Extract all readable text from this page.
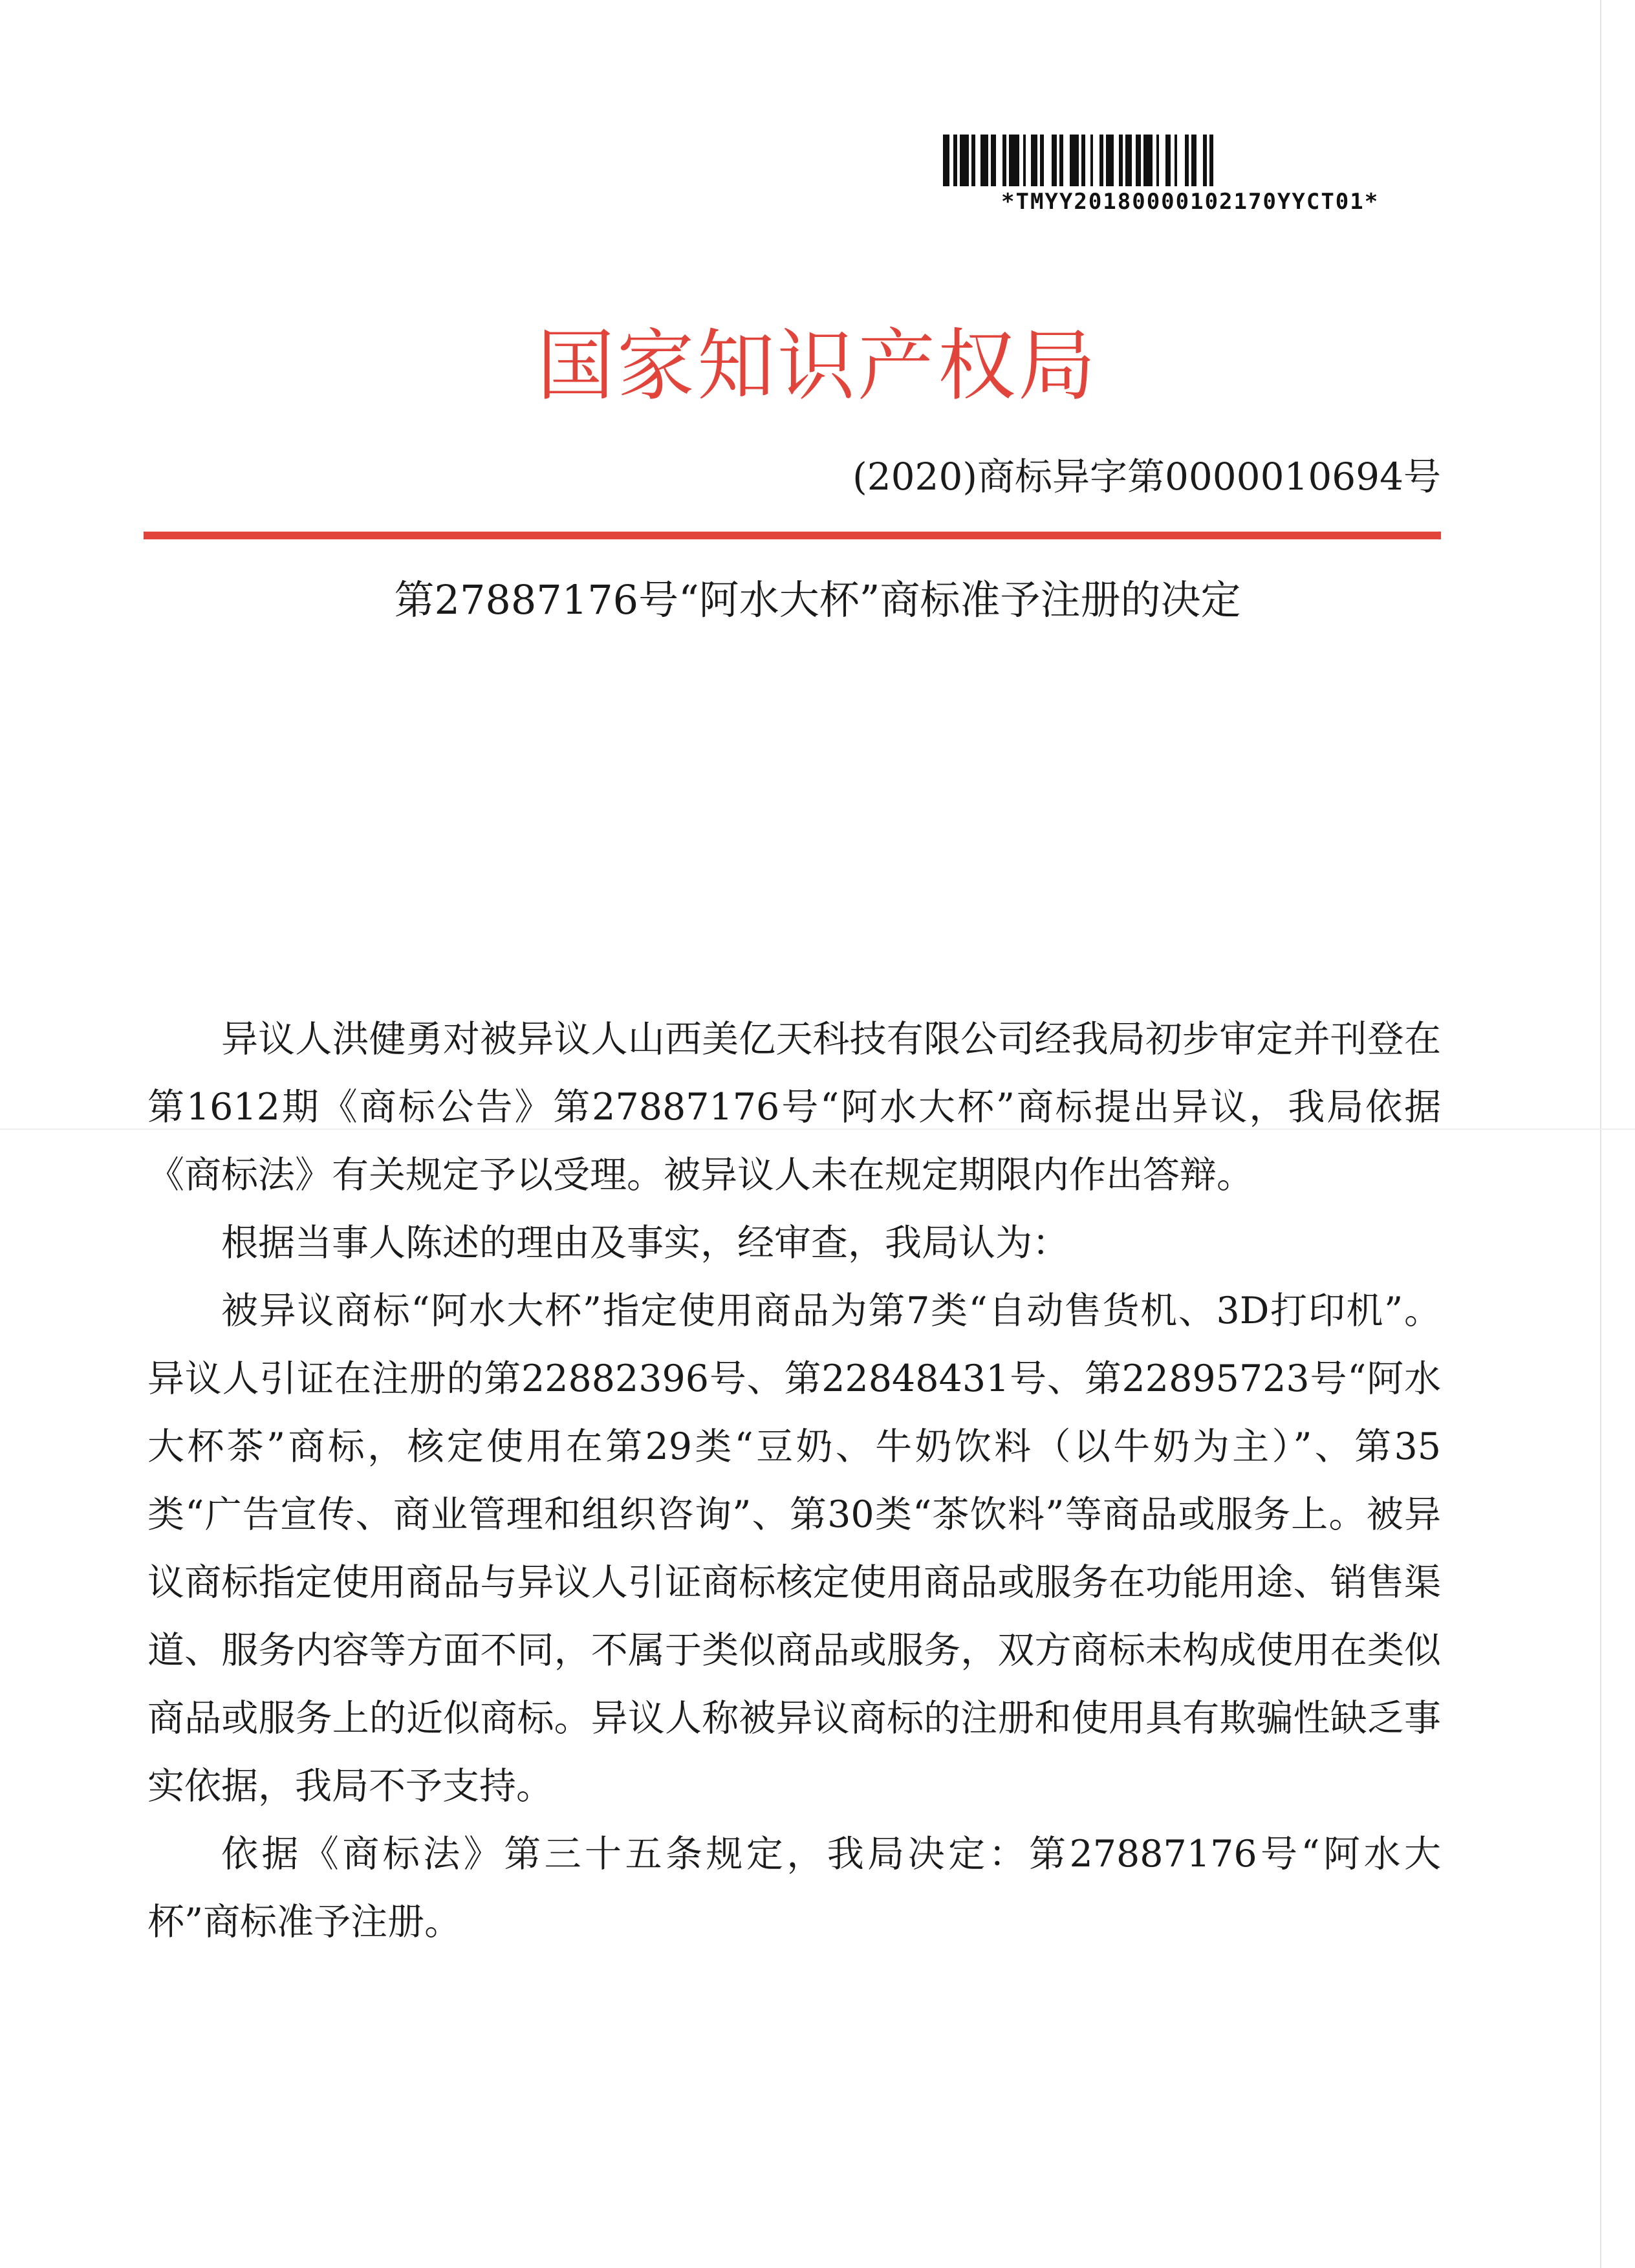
*TMYY20180000102170YYCT01*
国家知识产权局
(2020)商标异字第0000010694号
第27887176号“阿水大杯”商标准予注册的决定

异议人洪健勇对被异议人山西美亿天科技有限公司经我局初步审定并刊登在第1612期《商标公告》第27887176号“阿水大杯”商标提出异议，我局依据《商标法》有关规定予以受理。被异议人未在规定期限内作出答辩。

根据当事人陈述的理由及事实，经审查，我局认为：

被异议商标“阿水大杯”指定使用商品为第7类“自动售货机、3D打印机”。异议人引证在注册的第22882396号、第22848431号、第22895723号“阿水大杯茶”商标，核定使用在第29类“豆奶、牛奶饮料（以牛奶为主）”、第35类“广告宣传、商业管理和组织咨询”、第30类“茶饮料”等商品或服务上。被异议商标指定使用商品与异议人引证商标核定使用商品或服务在功能用途、销售渠道、服务内容等方面不同，不属于类似商品或服务，双方商标未构成使用在类似商品或服务上的近似商标。异议人称被异议商标的注册和使用具有欺骗性缺乏事实依据，我局不予支持。

依据《商标法》第三十五条规定，我局决定：第27887176号“阿水大杯”商标准予注册。
